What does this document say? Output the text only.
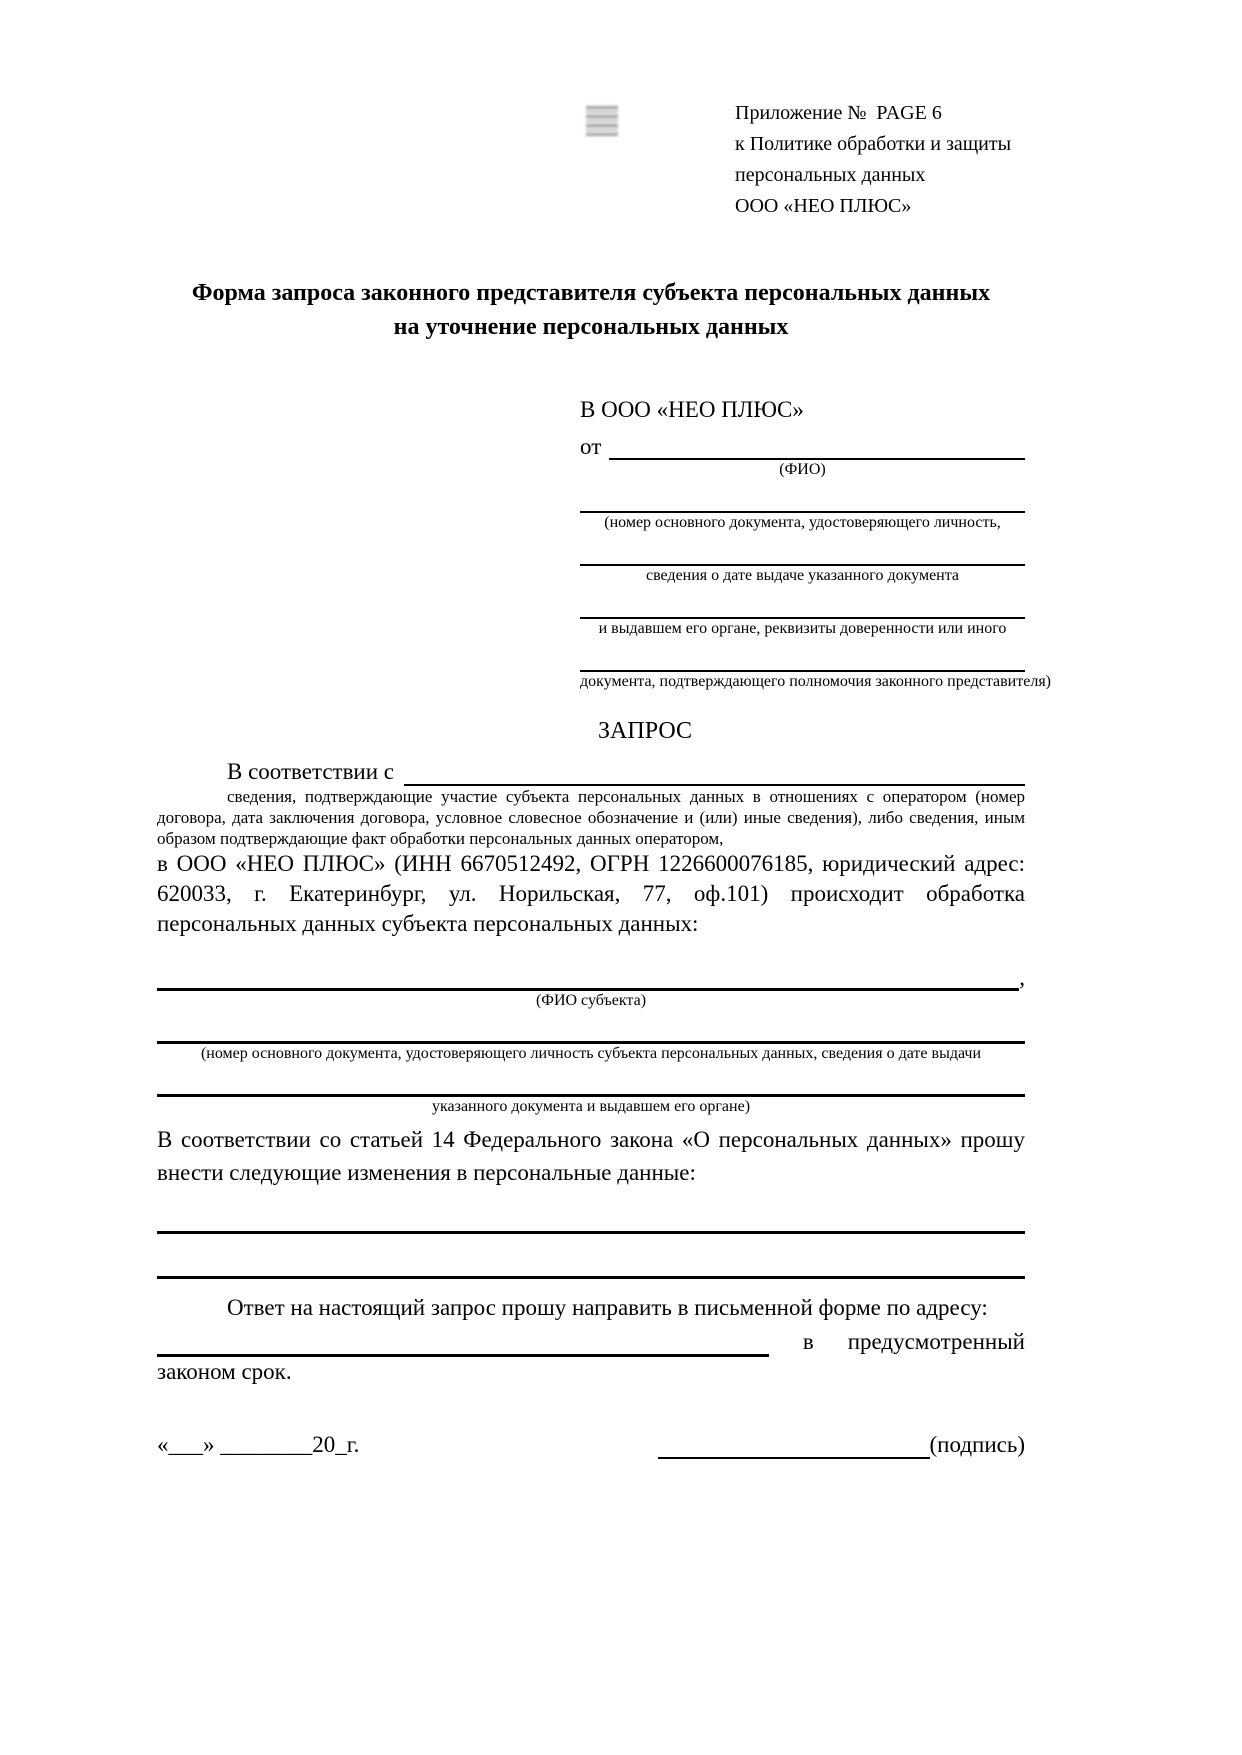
Приложение №  PAGE 6
к Политике обработки и защиты
персональных данных
ООО «НЕО ПЛЮС»
Форма запроса законного представителя субъекта персональных данных
на уточнение персональных данных
В ООО «НЕО ПЛЮС»
от
(ФИО)
(номер основного документа, удостоверяющего личность,
сведения о дате выдаче указанного документа
и выдавшем его органе, реквизиты доверенности или иного
документа, подтверждающего полномочия законного представителя)
ЗАПРОС
В соответствии с
сведения, подтверждающие участие субъекта персональных данных в отношениях с оператором (номер договора, дата заключения договора, условное словесное обозначение и (или) иные сведения), либо сведения, иным образом подтверждающие факт обработки персональных данных оператором,

в ООО «НЕО ПЛЮС» (ИНН 6670512492, ОГРН 1226600076185, юридический адрес: 620033, г. Екатеринбург, ул. Норильская, 77, оф.101) происходит обработка персональных данных субъекта персональных данных:

,
(ФИО субъекта)
(номер основного документа, удостоверяющего личность субъекта персональных данных, сведения о дате выдачи
указанного документа и выдавшем его органе)

В соответствии со статьей 14 Федерального закона «О персональных данных» прошу внести следующие изменения в персональные данные:

Ответ на настоящий запрос прошу направить в письменной форме по адресу:

в предусмотренный
законом срок.
«___» ________20_г.	(подпись)
